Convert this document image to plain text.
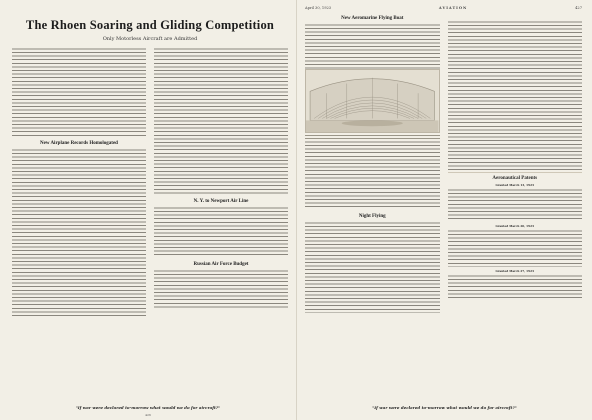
The Rhoen Soaring and Gliding Competition
Only Motorless Aircraft are Admitted
New Airplane Records Homologated
N. Y. to Newport Air Line
Russian Air Force Budget
"If war were declared to-morrow what would we do for aircraft?"
426
April 30, 1923	AVIATION	427
New Aeromarine Flying Boat
Night Flying
Aeronautical Patents
Granted March 13, 1923
Granted March 20, 1923
Granted March 27, 1923
"If war were declared to-morrow what would we do for aircraft?"
